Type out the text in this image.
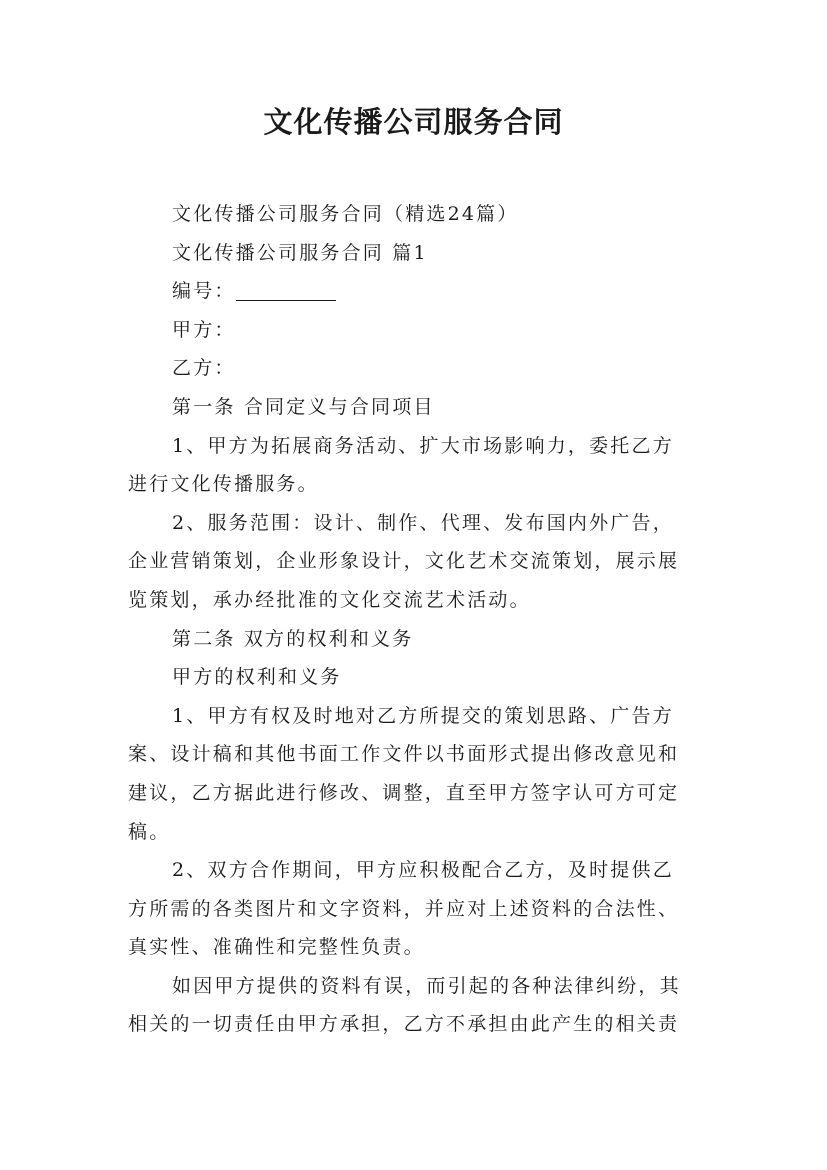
文化传播公司服务合同
文化传播公司服务合同（精选24篇）
文化传播公司服务合同 篇1
编号：
甲方：
乙方：
第一条 合同定义与合同项目
1、甲方为拓展商务活动、扩大市场影响力，委托乙方
进行文化传播服务。
2、服务范围：设计、制作、代理、发布国内外广告，
企业营销策划，企业形象设计，文化艺术交流策划，展示展
览策划，承办经批准的文化交流艺术活动。
第二条 双方的权利和义务
甲方的权利和义务
1、甲方有权及时地对乙方所提交的策划思路、广告方
案、设计稿和其他书面工作文件以书面形式提出修改意见和
建议，乙方据此进行修改、调整，直至甲方签字认可方可定
稿。
2、双方合作期间，甲方应积极配合乙方，及时提供乙
方所需的各类图片和文字资料，并应对上述资料的合法性、
真实性、准确性和完整性负责。
如因甲方提供的资料有误，而引起的各种法律纠纷，其
相关的一切责任由甲方承担，乙方不承担由此产生的相关责
